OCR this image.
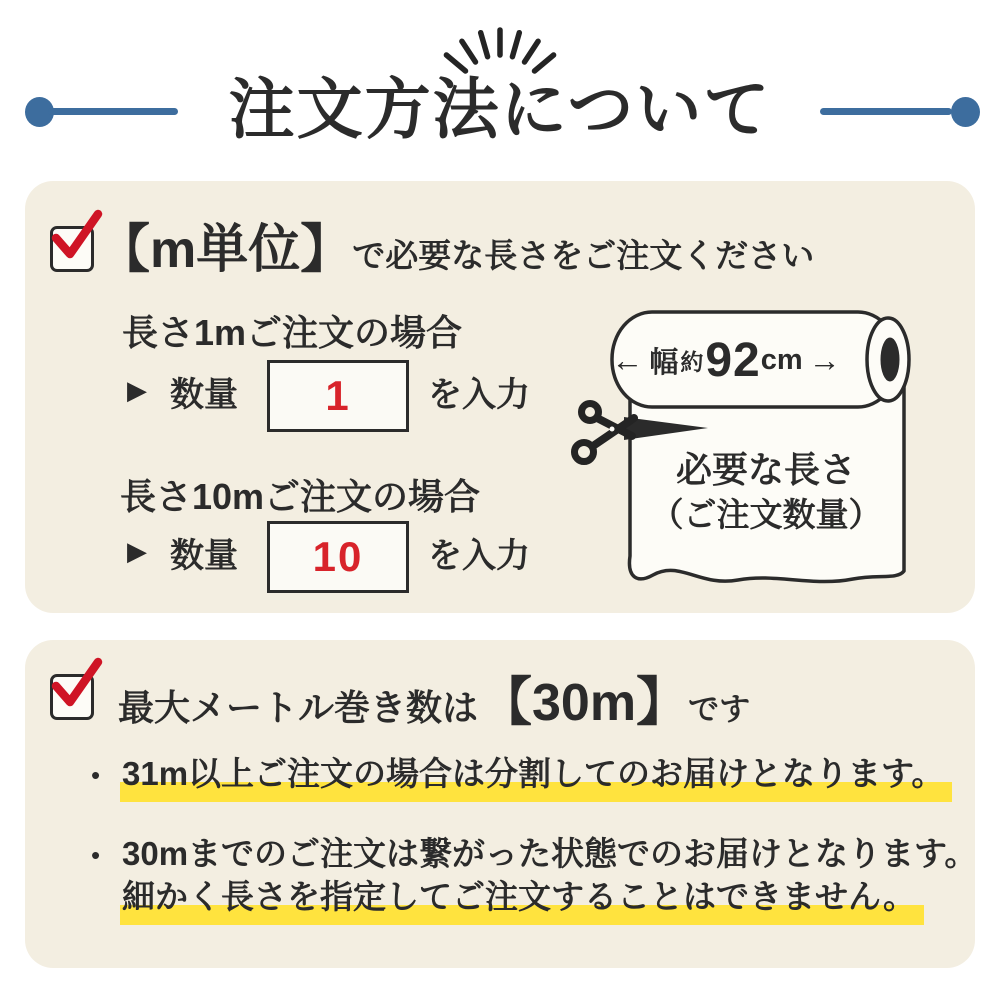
注文方法について
【m単位】 で必要な長さをご注文ください
長さ1mご注文の場合
▶ 数量 1 を入力
長さ10mご注文の場合
▶ 数量 10 を入力
← 幅 約 92 cm →
必要な長さ
（ご注文数量）
最大メートル巻き数は 【30m】 です
• 31m以上ご注文の場合は分割してのお届けとなります。
• 30mまでのご注文は繋がった状態でのお届けとなります。
細かく長さを指定してご注文することはできません。
